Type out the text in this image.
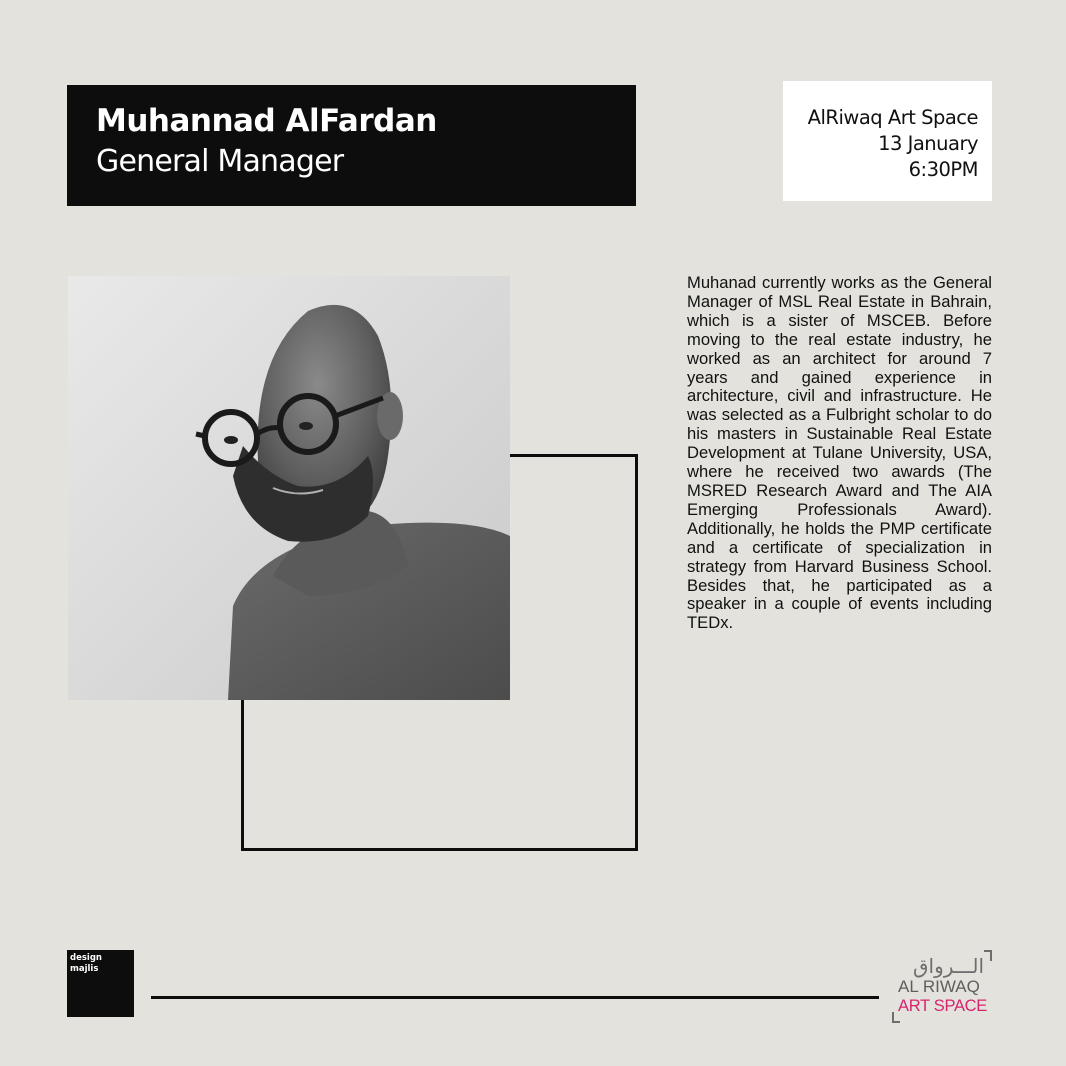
Muhannad AlFardan
General Manager
AlRiwaq Art Space
13 January
6:30PM

Muhanad currently works as the General Manager of MSL Real Estate in Bahrain, which is a sister of MSCEB. Before moving to the real estate industry, he worked as an architect for around 7 years and gained experience in architecture, civil and infrastructure. He was selected as a Fulbright scholar to do his masters in Sustainable Real Estate Development at Tulane University, USA, where he received two awards (The MSRED Research Award and The AIA Emerging Professionals Award). Additionally, he holds the PMP certificate and a certificate of specialization in strategy from Harvard Business School. Besides that, he participated as a speaker in a couple of events including TEDx.

design
majlis	الـــرواق
AL RIWAQ
ART SPACE
